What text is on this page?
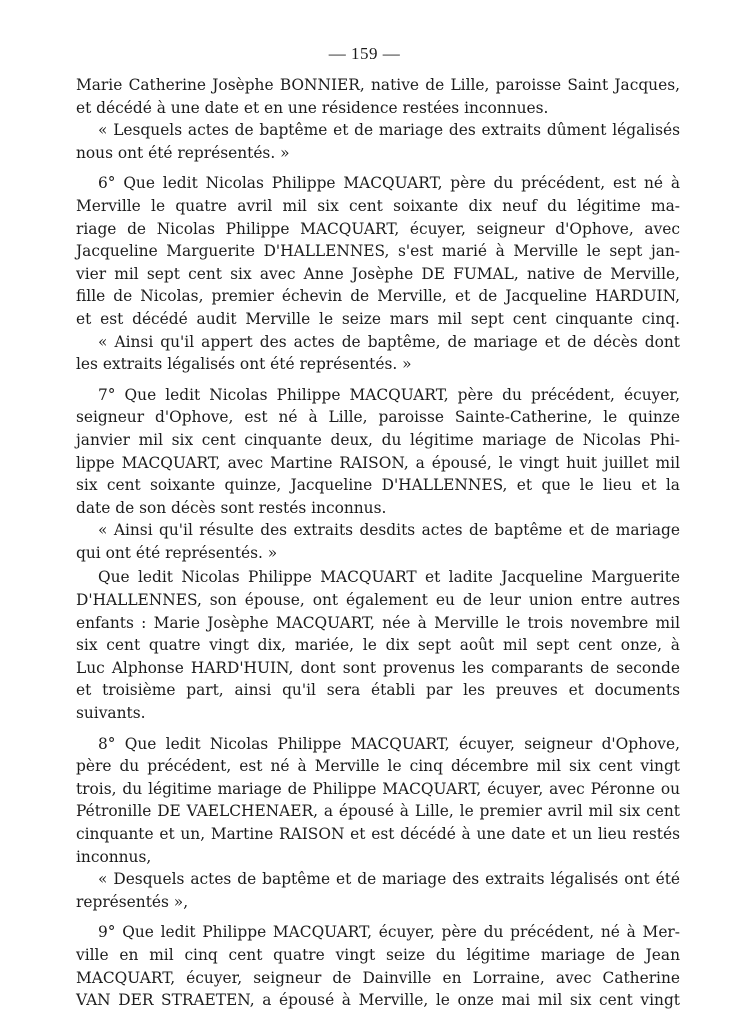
— 159 —
Marie Catherine Josèphe BONNIER, native de Lille, paroisse Saint Jacques,
et décédé à une date et en une résidence restées inconnues.
« Lesquels actes de baptême et de mariage des extraits dûment légalisés
nous ont été représentés. »
6° Que ledit Nicolas Philippe MACQUART, père du précédent, est né à
Merville le quatre avril mil six cent soixante dix neuf du légitime ma-
riage de Nicolas Philippe MACQUART, écuyer, seigneur d'Ophove, avec
Jacqueline Marguerite D'HALLENNES, s'est marié à Merville le sept jan-
vier mil sept cent six avec Anne Josèphe DE FUMAL, native de Merville,
fille de Nicolas, premier échevin de Merville, et de Jacqueline HARDUIN,
et est décédé audit Merville le seize mars mil sept cent cinquante cinq.
« Ainsi qu'il appert des actes de baptême, de mariage et de décès dont
les extraits légalisés ont été représentés. »
7° Que ledit Nicolas Philippe MACQUART, père du précédent, écuyer,
seigneur d'Ophove, est né à Lille, paroisse Sainte-Catherine, le quinze
janvier mil six cent cinquante deux, du légitime mariage de Nicolas Phi-
lippe MACQUART, avec Martine RAISON, a épousé, le vingt huit juillet mil
six cent soixante quinze, Jacqueline D'HALLENNES, et que le lieu et la
date de son décès sont restés inconnus.
« Ainsi qu'il résulte des extraits desdits actes de baptême et de mariage
qui ont été représentés. »
Que ledit Nicolas Philippe MACQUART et ladite Jacqueline Marguerite
D'HALLENNES, son épouse, ont également eu de leur union entre autres
enfants : Marie Josèphe MACQUART, née à Merville le trois novembre mil
six cent quatre vingt dix, mariée, le dix sept août mil sept cent onze, à
Luc Alphonse HARD'HUIN, dont sont provenus les comparants de seconde
et troisième part, ainsi qu'il sera établi par les preuves et documents
suivants.
8° Que ledit Nicolas Philippe MACQUART, écuyer, seigneur d'Ophove,
père du précédent, est né à Merville le cinq décembre mil six cent vingt
trois, du légitime mariage de Philippe MACQUART, écuyer, avec Péronne ou
Pétronille DE VAELCHENAER, a épousé à Lille, le premier avril mil six cent
cinquante et un, Martine RAISON et est décédé à une date et un lieu restés
inconnus,
« Desquels actes de baptême et de mariage des extraits légalisés ont été
représentés »,
9° Que ledit Philippe MACQUART, écuyer, père du précédent, né à Mer-
ville en mil cinq cent quatre vingt seize du légitime mariage de Jean
MACQUART, écuyer, seigneur de Dainville en Lorraine, avec Catherine
VAN DER STRAETEN, a épousé à Merville, le onze mai mil six cent vingt
